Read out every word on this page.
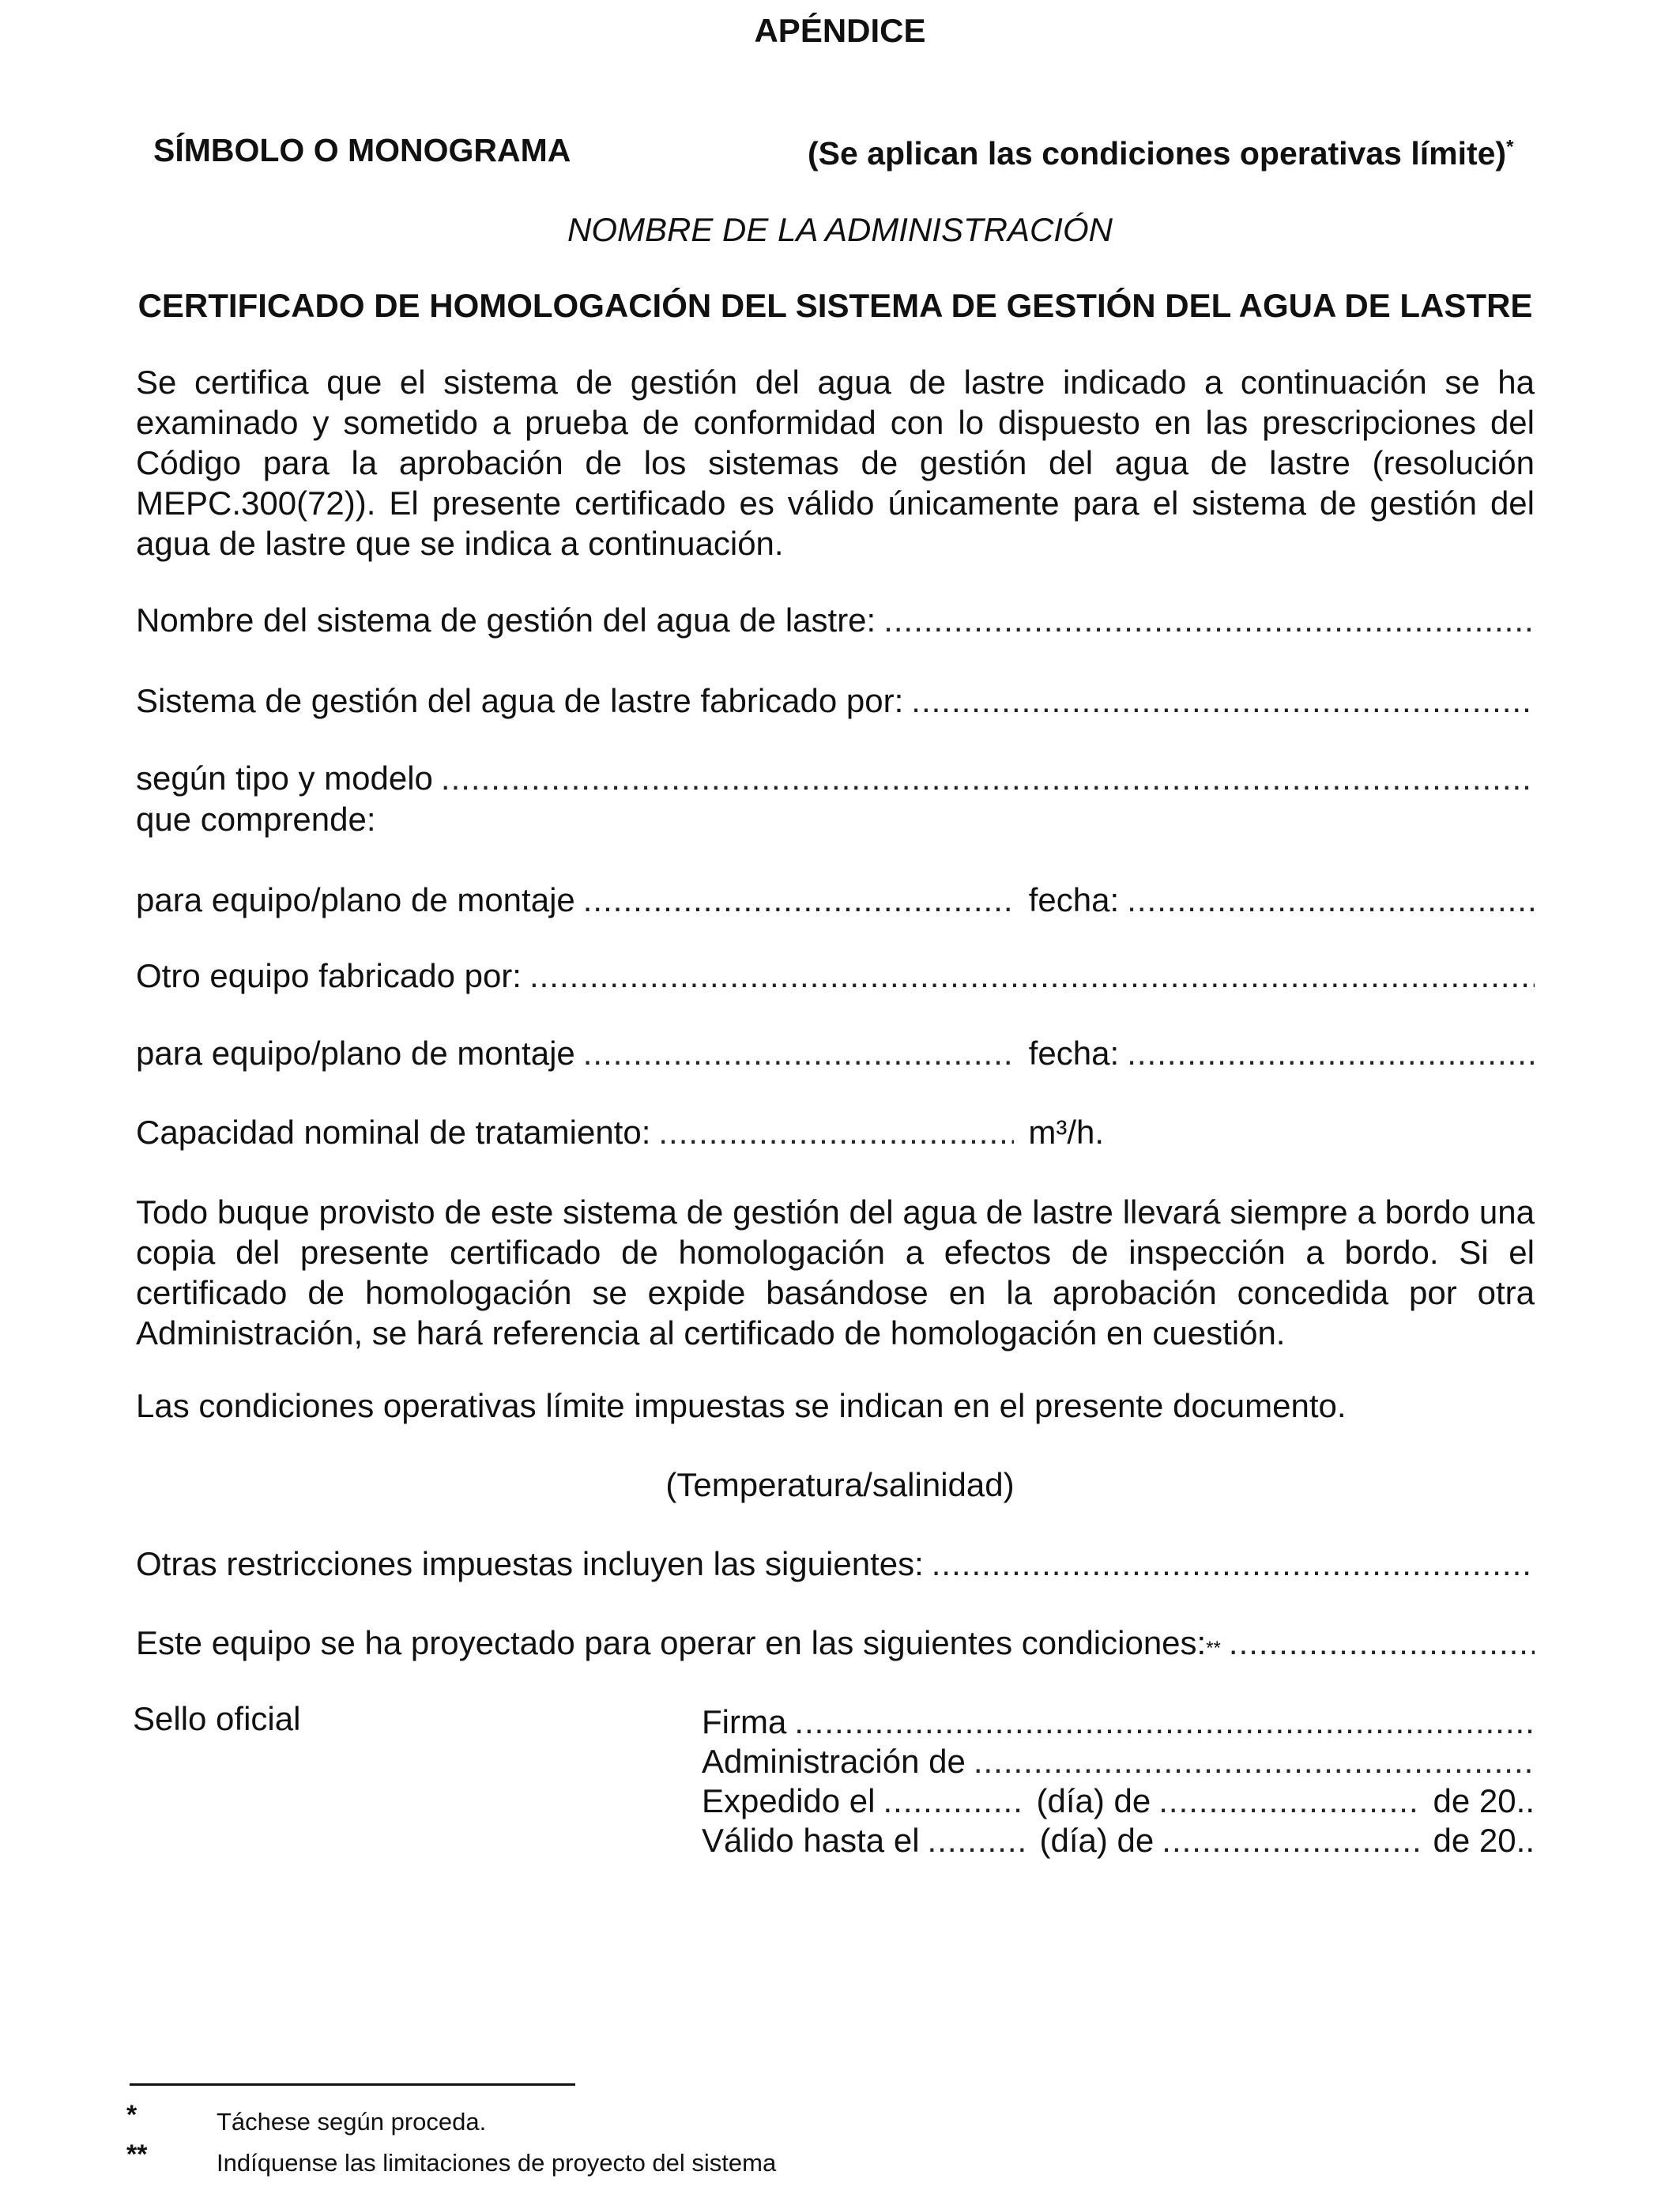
APÉNDICE
SÍMBOLO O MONOGRAMA	(Se aplican las condiciones operativas límite)*
NOMBRE DE LA ADMINISTRACIÓN
CERTIFICADO DE HOMOLOGACIÓN DEL SISTEMA DE GESTIÓN DEL AGUA DE LASTRE
Se certifica que el sistema de gestión del agua de lastre indicado a continuación se ha examinado y sometido a prueba de conformidad con lo dispuesto en las prescripciones del Código para la aprobación de los sistemas de gestión del agua de lastre (resolución MEPC.300(72)). El presente certificado es válido únicamente para el sistema de gestión del agua de lastre que se indica a continuación.
Nombre del sistema de gestión del agua de lastre:
.....
Sistema de gestión del agua de lastre fabricado por:
.....
según tipo y modelo
.....
que comprende:
para equipo/plano de montaje .....	fecha:
.....
Otro equipo fabricado por:
.....
para equipo/plano de montaje .....	fecha:
.....
Capacidad nominal de tratamiento: .....	m³/h.
Todo buque provisto de este sistema de gestión del agua de lastre llevará siempre a bordo una copia del presente certificado de homologación a efectos de inspección a bordo. Si el certificado de homologación se expide basándose en la aprobación concedida por otra Administración, se hará referencia al certificado de homologación en cuestión.
Las condiciones operativas límite impuestas se indican en el presente documento.
(Temperatura/salinidad)
Otras restricciones impuestas incluyen las siguientes:
.....
Este equipo se ha proyectado para operar en las siguientes condiciones: **
.....
Sello oficial	Firma
.....
Administración de
.....
Expedido el .....	(día) de .....	de 20..
Válido hasta el .....	(día) de .....	de 20..
*	Táchese según proceda.
**	Indíquense las limitaciones de proyecto del sistema
